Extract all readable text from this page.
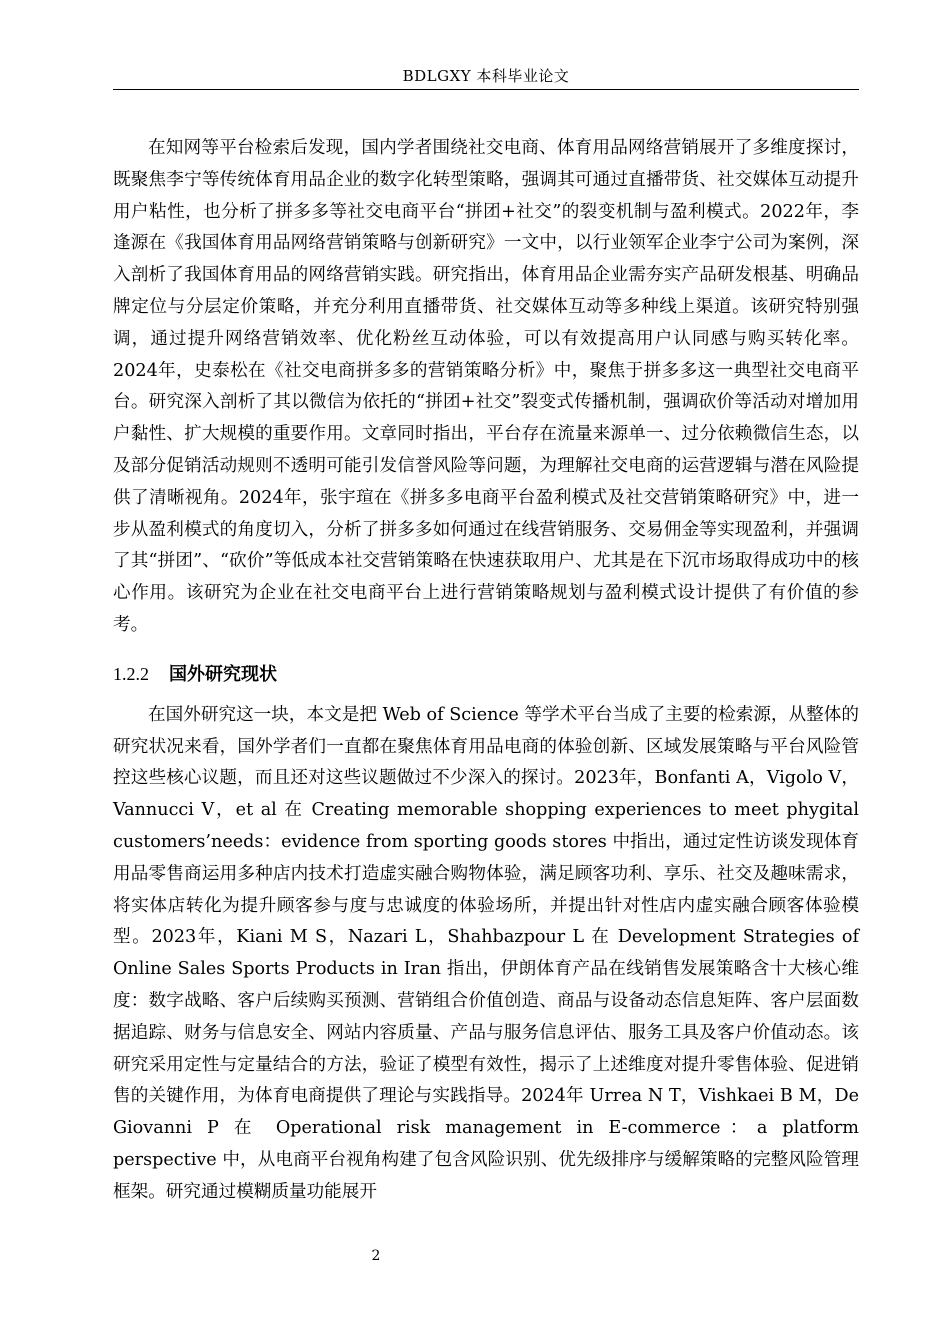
BDLGXY 本科毕业论文

在知网等平台检索后发现，国内学者围绕社交电商、体育用品网络营销展开了多维度探讨，既聚焦李宁等传统体育用品企业的数字化转型策略，强调其可通过直播带货、社交媒体互动提升用户粘性，也分析了拼多多等社交电商平台“拼团+社交”的裂变机制与盈利模式。2022年，李逢源在《我国体育用品网络营销策略与创新研究》一文中，以行业领军企业李宁公司为案例，深入剖析了我国体育用品的网络营销实践。研究指出，体育用品企业需夯实产品研发根基、明确品牌定位与分层定价策略，并充分利用直播带货、社交媒体互动等多种线上渠道。该研究特别强调，通过提升网络营销效率、优化粉丝互动体验，可以有效提高用户认同感与购买转化率。2024年，史泰松在《社交电商拼多多的营销策略分析》中，聚焦于拼多多这一典型社交电商平台。研究深入剖析了其以微信为依托的“拼团+社交”裂变式传播机制，强调砍价等活动对增加用户黏性、扩大规模的重要作用。文章同时指出，平台存在流量来源单一、过分依赖微信生态，以及部分促销活动规则不透明可能引发信誉风险等问题，为理解社交电商的运营逻辑与潜在风险提供了清晰视角。2024年，张宇瑄在《拼多多电商平台盈利模式及社交营销策略研究》中，进一步从盈利模式的角度切入，分析了拼多多如何通过在线营销服务、交易佣金等实现盈利，并强调了其“拼团”、“砍价”等低成本社交营销策略在快速获取用户、尤其是在下沉市场取得成功中的核心作用。该研究为企业在社交电商平台上进行营销策略规划与盈利模式设计提供了有价值的参考。

1.2.2 国外研究现状

在国外研究这一块，本文是把 Web of Science 等学术平台当成了主要的检索源，从整体的研究状况来看，国外学者们一直都在聚焦体育用品电商的体验创新、区域发展策略与平台风险管控这些核心议题，而且还对这些议题做过不少深入的探讨。2023年，Bonfanti A，Vigolo V，Vannucci V，et al 在 Creating memorable shopping experiences to meet phygital customers’needs：evidence from sporting goods stores 中指出，通过定性访谈发现体育用品零售商运用多种店内技术打造虚实融合购物体验，满足顾客功利、享乐、社交及趣味需求，将实体店转化为提升顾客参与度与忠诚度的体验场所，并提出针对性店内虚实融合顾客体验模型。2023年，Kiani M S，Nazari L，Shahbazpour L 在 Development Strategies of Online Sales Sports Products in Iran 指出，伊朗体育产品在线销售发展策略含十大核心维度：数字战略、客户后续购买预测、营销组合价值创造、商品与设备动态信息矩阵、客户层面数据追踪、财务与信息安全、网站内容质量、产品与服务信息评估、服务工具及客户价值动态。该研究采用定性与定量结合的方法，验证了模型有效性，揭示了上述维度对提升零售体验、促进销售的关键作用，为体育电商提供了理论与实践指导。2024年 Urrea N T，Vishkaei B M，De Giovanni P 在 Operational risk management in E-commerce：a platform perspective 中，从电商平台视角构建了包含风险识别、优先级排序与缓解策略的完整风险管理框架。研究通过模糊质量功能展开

2
